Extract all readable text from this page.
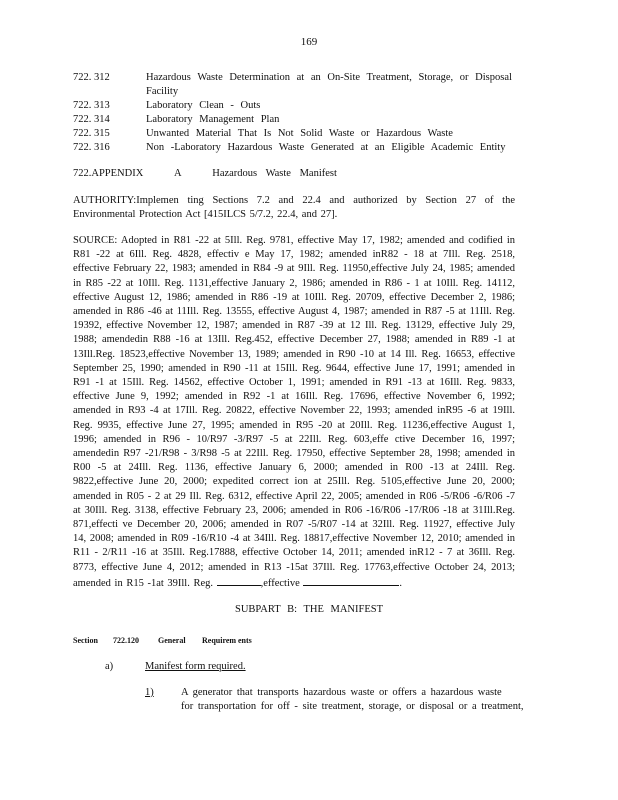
169
722. 312	Hazardous Waste Determination at an On-Site Treatment, Storage, or Disposal Facility
722. 313	Laboratory Clean - Outs
722. 314	Laboratory Management Plan
722. 315	Unwanted Material That Is Not Solid Waste or Hazardous Waste
722. 316	Non -Laboratory Hazardous Waste Generated at an Eligible Academic Entity
722.APPENDIX	A	Hazardous Waste Manifest
AUTHORITY:Implemen ting Sections 7.2 and 22.4 and authorized by Section 27 of the Environmental Protection Act [415ILCS 5/7.2, 22.4, and 27].
SOURCE: Adopted in R81 -22 at 5Ill. Reg. 9781, effective May 17, 1982; amended and codified in R81 -22 at 6Ill. Reg. 4828, effectiv e May 17, 1982; amended inR82 - 18 at 7Ill. Reg. 2518, effective February 22, 1983; amended in R84 -9 at 9Ill. Reg. 11950,effective July 24, 1985; amended in R85 -22 at 10Ill. Reg. 1131,effective January 2, 1986; amended in R86 - 1 at 10Ill. Reg. 14112, effective August 12, 1986; amended in R86 -19 at 10Ill. Reg. 20709, effective December 2, 1986; amended in R86 -46 at 11Ill. Reg. 13555, effective August 4, 1987; amended in R87 -5 at 11Ill. Reg. 19392, effective November 12, 1987; amended in R87 -39 at 12 Ill. Reg. 13129, effective July 29, 1988; amendedin R88 -16 at 13Ill. Reg.452, effective December 27, 1988; amended in R89 -1 at 13Ill.Reg. 18523,effective November 13, 1989; amended in R90 -10 at 14 Ill. Reg. 16653, effective September 25, 1990; amended in R90 -11 at 15Ill. Reg. 9644, effective June 17, 1991; amended in R91 -1 at 15Ill. Reg. 14562, effective October 1, 1991; amended in R91 -13 at 16Ill. Reg. 9833, effective June 9, 1992; amended in R92 -1 at 16Ill. Reg. 17696, effective November 6, 1992; amended in R93 -4 at 17Ill. Reg. 20822, effective November 22, 1993; amended inR95 -6 at 19Ill. Reg. 9935, effective June 27, 1995; amended in R95 -20 at 20Ill. Reg. 11236,effective August 1, 1996; amended in R96 - 10/R97 -3/R97 -5 at 22Ill. Reg. 603,effe ctive December 16, 1997; amendedin R97 -21/R98 - 3/R98 -5 at 22Ill. Reg. 17950, effective September 28, 1998; amended in R00 -5 at 24Ill. Reg. 1136, effective January 6, 2000; amended in R00 -13 at 24Ill. Reg. 9822,effective June 20, 2000; expedited correct ion at 25Ill. Reg. 5105,effective June 20, 2000; amended in R05 - 2 at 29 Ill. Reg. 6312, effective April 22, 2005; amended in R06 -5/R06 -6/R06 -7 at 30Ill. Reg. 3138, effective February 23, 2006; amended in R06 -16/R06 -17/R06 -18 at 31Ill.Reg. 871,effecti ve December 20, 2006; amended in R07 -5/R07 -14 at 32Ill. Reg. 11927, effective July 14, 2008; amended in R09 -16/R10 -4 at 34Ill. Reg. 18817,effective November 12, 2010; amended in R11 - 2/R11 -16 at 35Ill. Reg.17888, effective October 14, 2011; amended inR12 - 7 at 36Ill. Reg. 8773, effective June 4, 2012; amended in R13 -15at 37Ill. Reg. 17763,effective October 24, 2013; amended in R15 -1at 39Ill. Reg.	,effective	.
SUBPART B: THE MANIFEST
Section 722.120 General Requirem ents
a)	Manifest form required.
1)	A generator that transports hazardous waste or offers a hazardous waste
for transportation for off - site treatment, storage, or disposal or a treatment,
